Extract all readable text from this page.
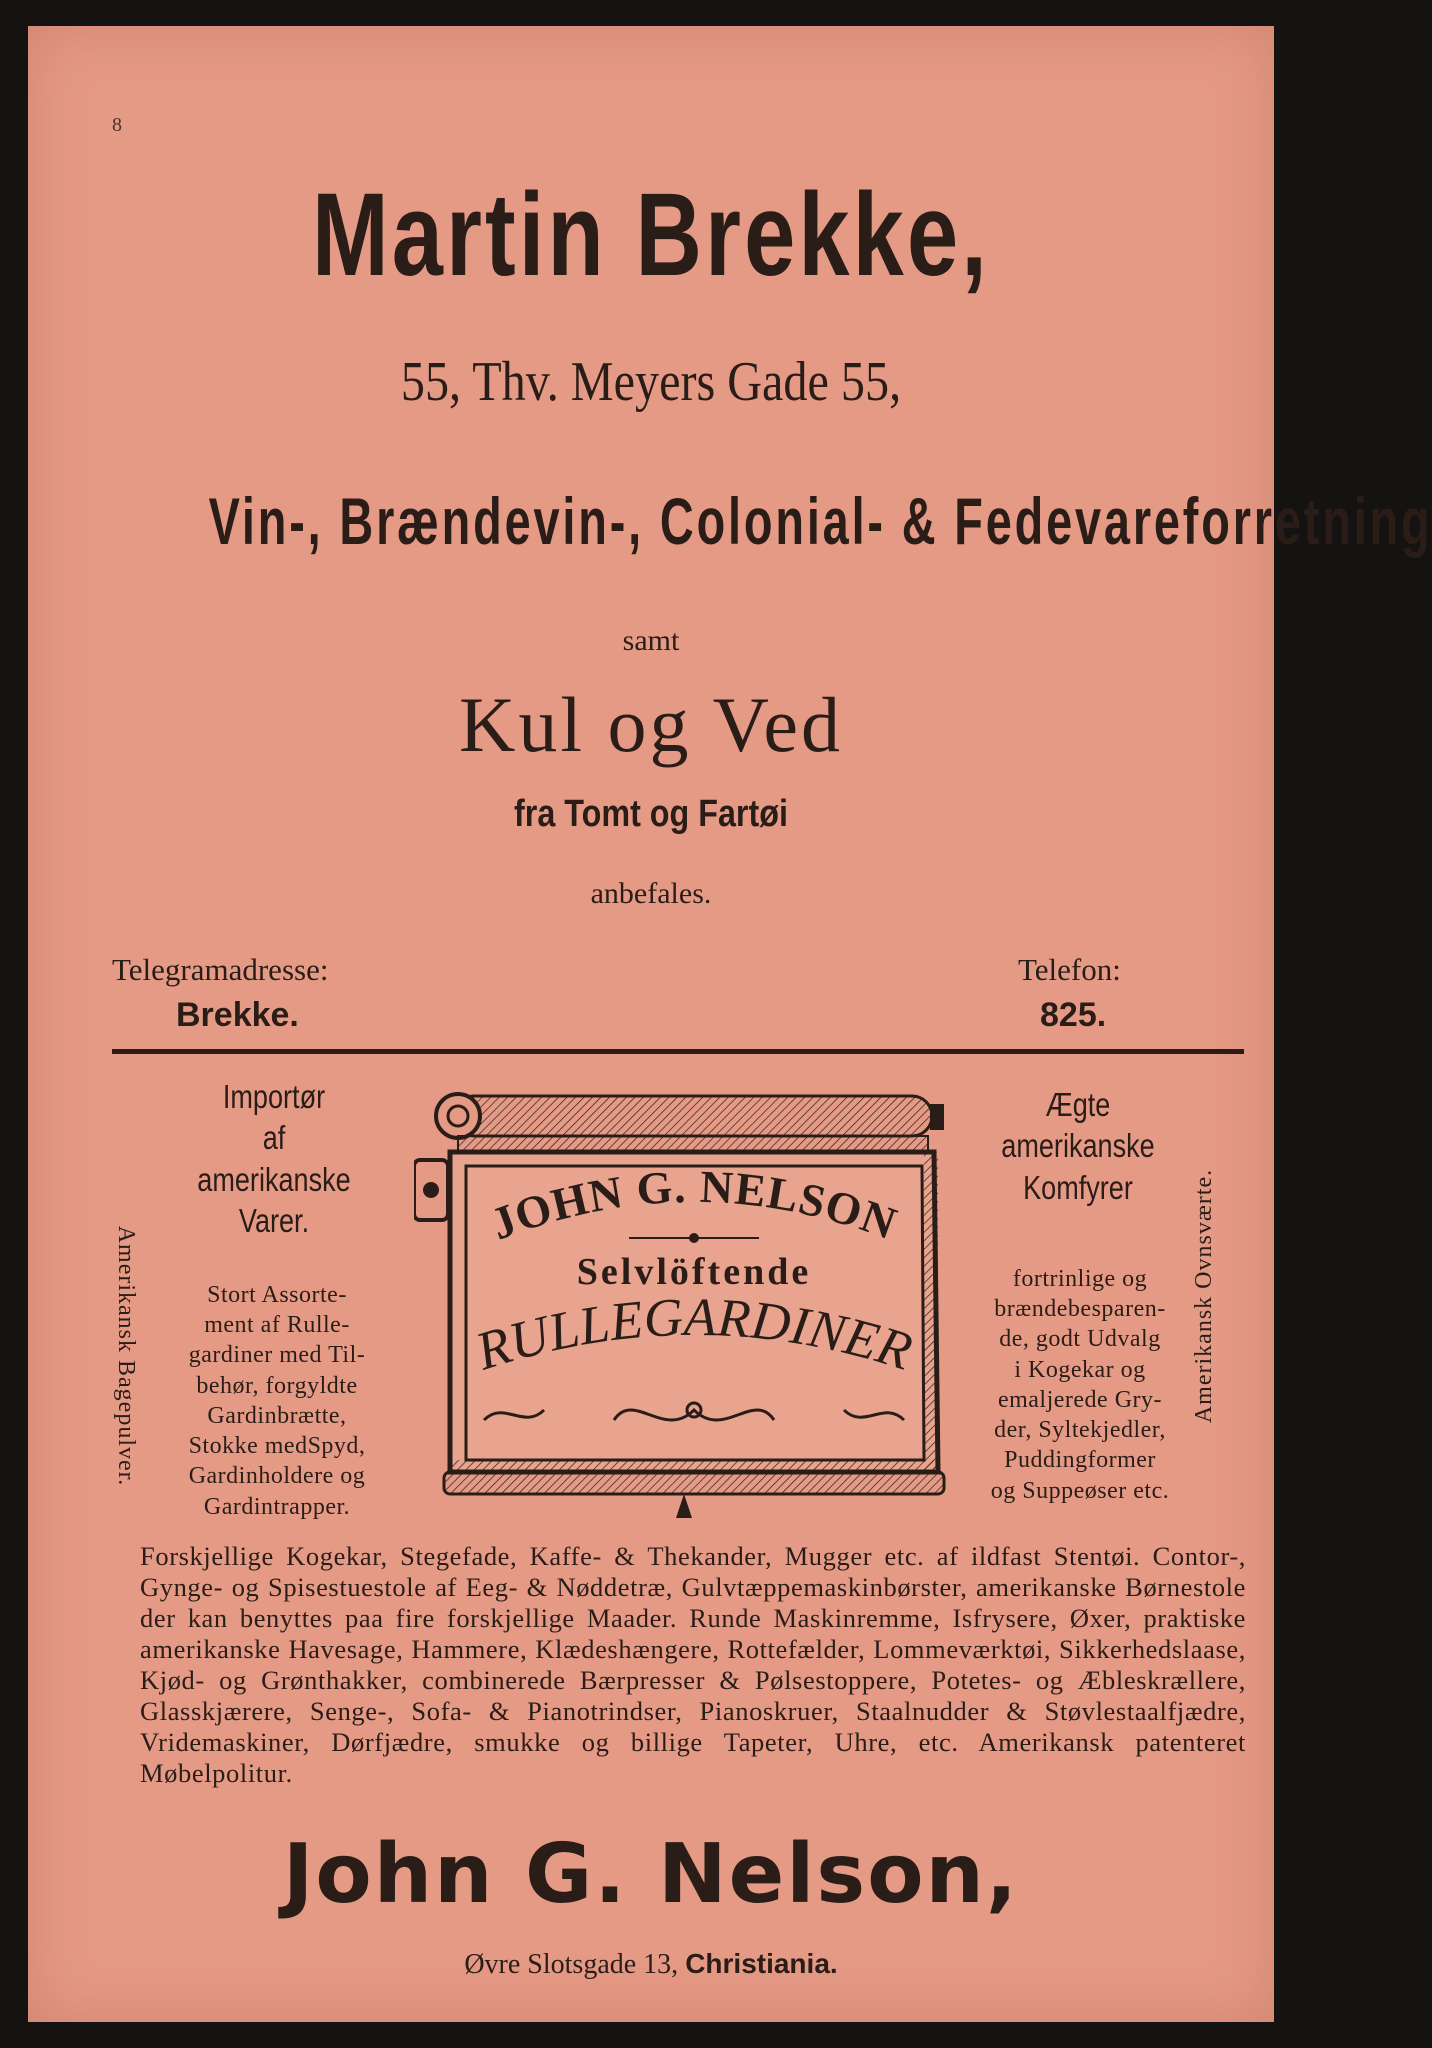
8
Martin Brekke,
55, Thv. Meyers Gade 55,
Vin-, Brændevin-, Colonial- & Fedevareforretning
samt
Kul og Ved
fra Tomt og Fartøi
anbefales.
Telegramadresse:
Brekke.
Telefon:
825.
Amerikansk Bagepulver.	Amerikansk Ovnsværte.
Importør
af
amerikanske
Varer.
Stort Assorte-
ment af Rulle-
gardiner med Til-
behør, forgyldte
Gardinbrætte,
Stokke medSpyd,
Gardinholdere og
Gardintrapper.
Ægte
amerikanske
Komfyrer
fortrinlige og
brændebesparen-
de, godt Udvalg
i Kogekar og
emaljerede Gry-
der, Syltekjedler,
Puddingformer
og Suppeøser etc.
JOHN G. NELSON
Selvlöftende
RULLEGARDINER
Forskjellige Kogekar, Stegefade, Kaffe- & Thekander, Mugger etc. af ildfast Stentøi. Contor-, Gynge- og Spisestuestole af Eeg- & Nøddetræ, Gulvtæppemaskinbørster, amerikanske Børnestole der kan benyttes paa fire forskjellige Maader. Runde Maskinremme, Isfrysere, Øxer, praktiske amerikanske Havesage, Hammere, Klædeshængere, Rottefælder, Lommeværktøi, Sikkerhedslaase, Kjød- og Grønthakker, combinerede Bærpresser & Pølsestoppere, Potetes- og Æbleskrællere, Glasskjærere, Senge-, Sofa- & Pianotrindser, Pianoskruer, Staalnudder & Støvlestaalfjædre, Vridemaskiner, Dørfjædre, smukke og billige Tapeter, Uhre, etc. Amerikansk patenteret Møbelpolitur.
John G. Nelson,
Øvre Slotsgade 13, Christiania.
